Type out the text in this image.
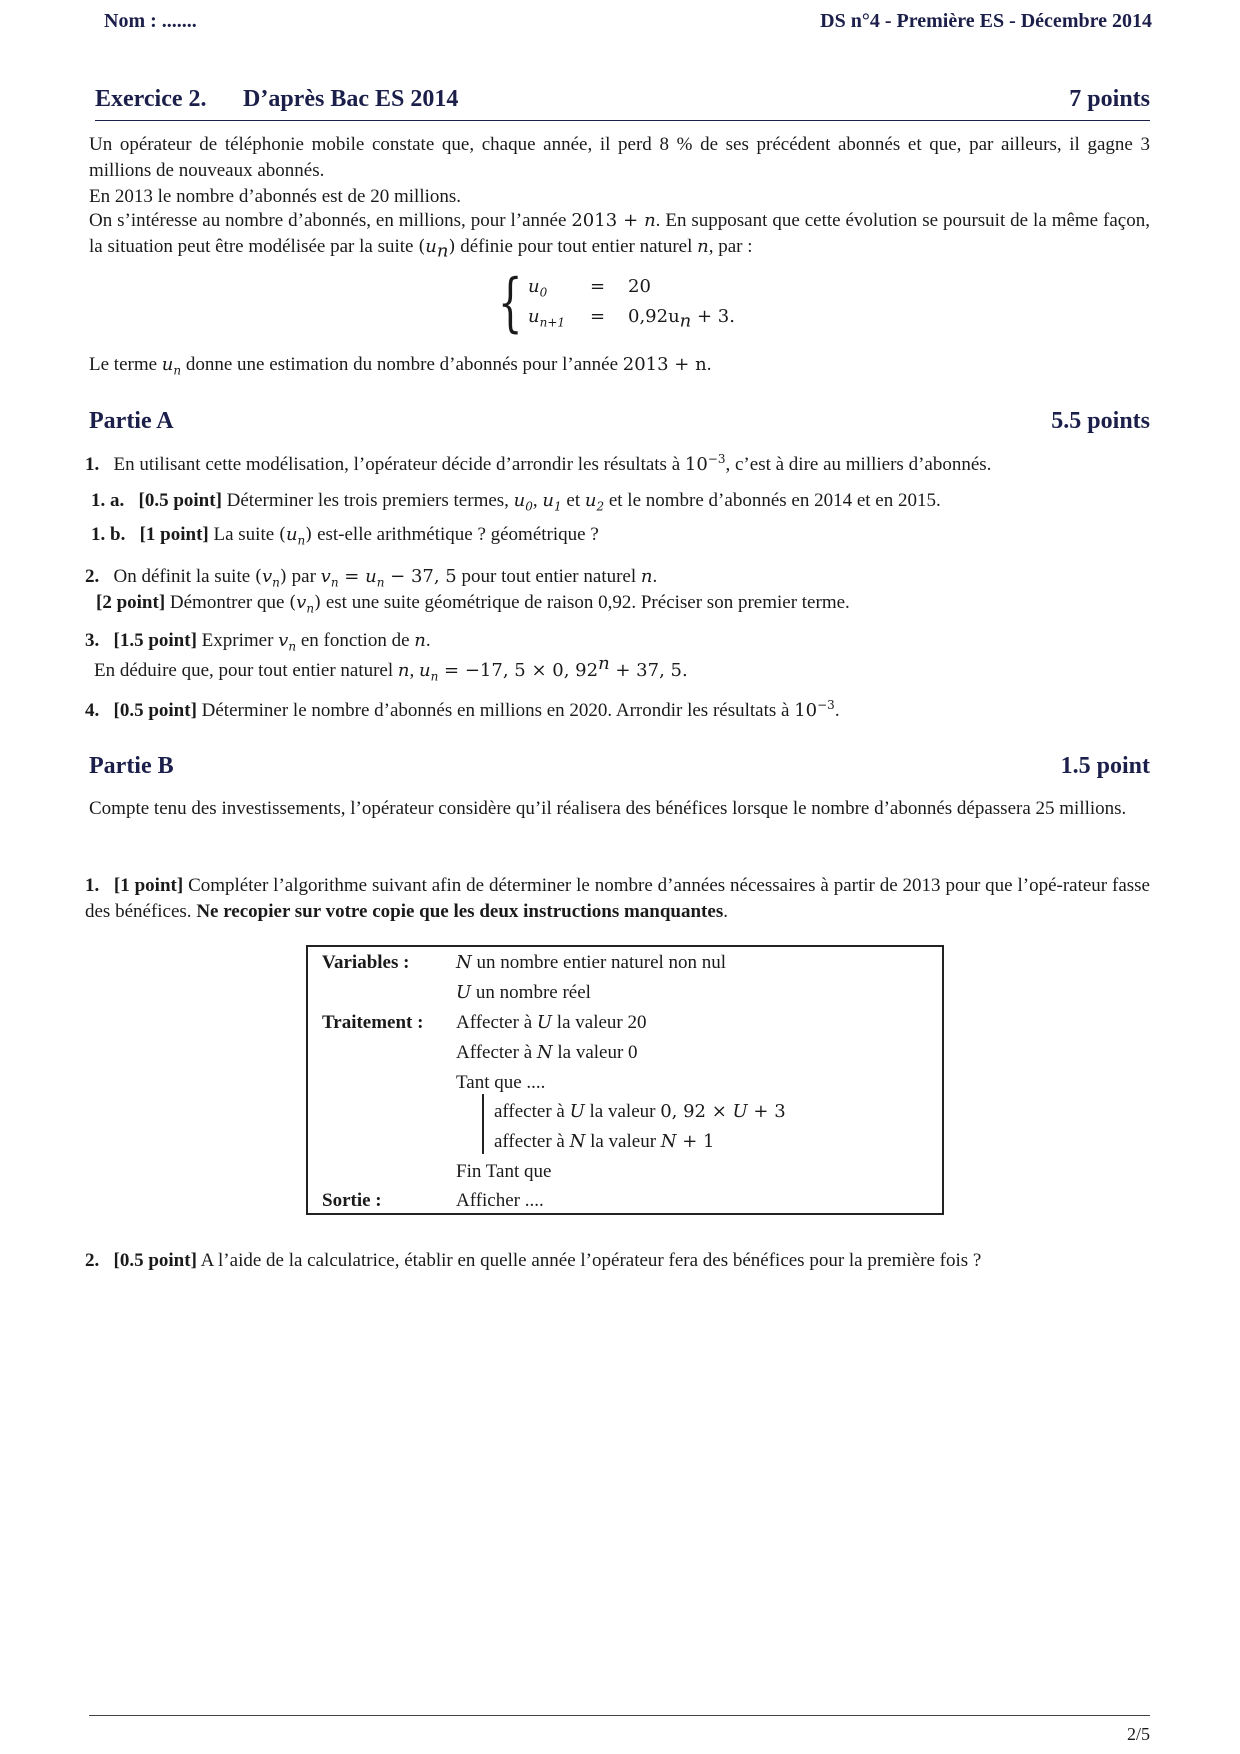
Nom : .......	DS n°4 - Première ES - Décembre 2014
Exercice 2. D’après Bac ES 2014	7 points
Un opérateur de téléphonie mobile constate que, chaque année, il perd 8 % de ses précédent abonnés et que, par ailleurs, il gagne 3 millions de nouveaux abonnés.
En 2013 le nombre d’abonnés est de 20 millions.
On s’intéresse au nombre d’abonnés, en millions, pour l’année 2013 + n. En supposant que cette évolution se poursuit de la même façon, la situation peut être modélisée par la suite $(u_n)$ définie pour tout entier naturel n, par :
{ $u_0 = 20$
$u_{n+1} = 0,92u_n + 3$.
Le terme $u_n$ donne une estimation du nombre d’abonnés pour l’année 2013 + n.
Partie A	5.5 points
1. En utilisant cette modélisation, l’opérateur décide d’arrondir les résultats à $10^{-3}$, c’est à dire au milliers d’abonnés.
1. a. [0.5 point] Déterminer les trois premiers termes, $u_0$, $u_1$ et $u_2$ et le nombre d’abonnés en 2014 et en 2015.
1. b. [1 point] La suite $(u_n)$ est-elle arithmétique ? géométrique ?
2. On définit la suite $(v_n)$ par $v_n = u_n - 37$, 5 pour tout entier naturel n.
[2 point] Démontrer que $(v_n)$ est une suite géométrique de raison 0,92. Préciser son premier terme.
3. [1.5 point] Exprimer $v_n$ en fonction de n.
En déduire que, pour tout entier naturel n, $u_n = -17$, 5 × 0, $92^n + 37$, 5.
4. [0.5 point] Déterminer le nombre d’abonnés en millions en 2020. Arrondir les résultats à $10^{-3}$.
Partie B	1.5 point
Compte tenu des investissements, l’opérateur considère qu’il réalisera des bénéfices lorsque le nombre d’abonnés dépassera 25 millions.
1. [1 point] Compléter l’algorithme suivant afin de déterminer le nombre d’années nécessaires à partir de 2013 pour que l’opé-rateur fasse des bénéfices. Ne recopier sur votre copie que les deux instructions manquantes.
Variables :	N un nombre entier naturel non nul
U un nombre réel
Traitement : Affecter à U la valeur 20
Affecter à N la valeur 0
Tant que ....
affecter à U la valeur 0, 92 × U + 3
affecter à N la valeur N + 1
Fin Tant que
Sortie :	Afficher ....
2. [0.5 point] A l’aide de la calculatrice, établir en quelle année l’opérateur fera des bénéfices pour la première fois ?
2/5
